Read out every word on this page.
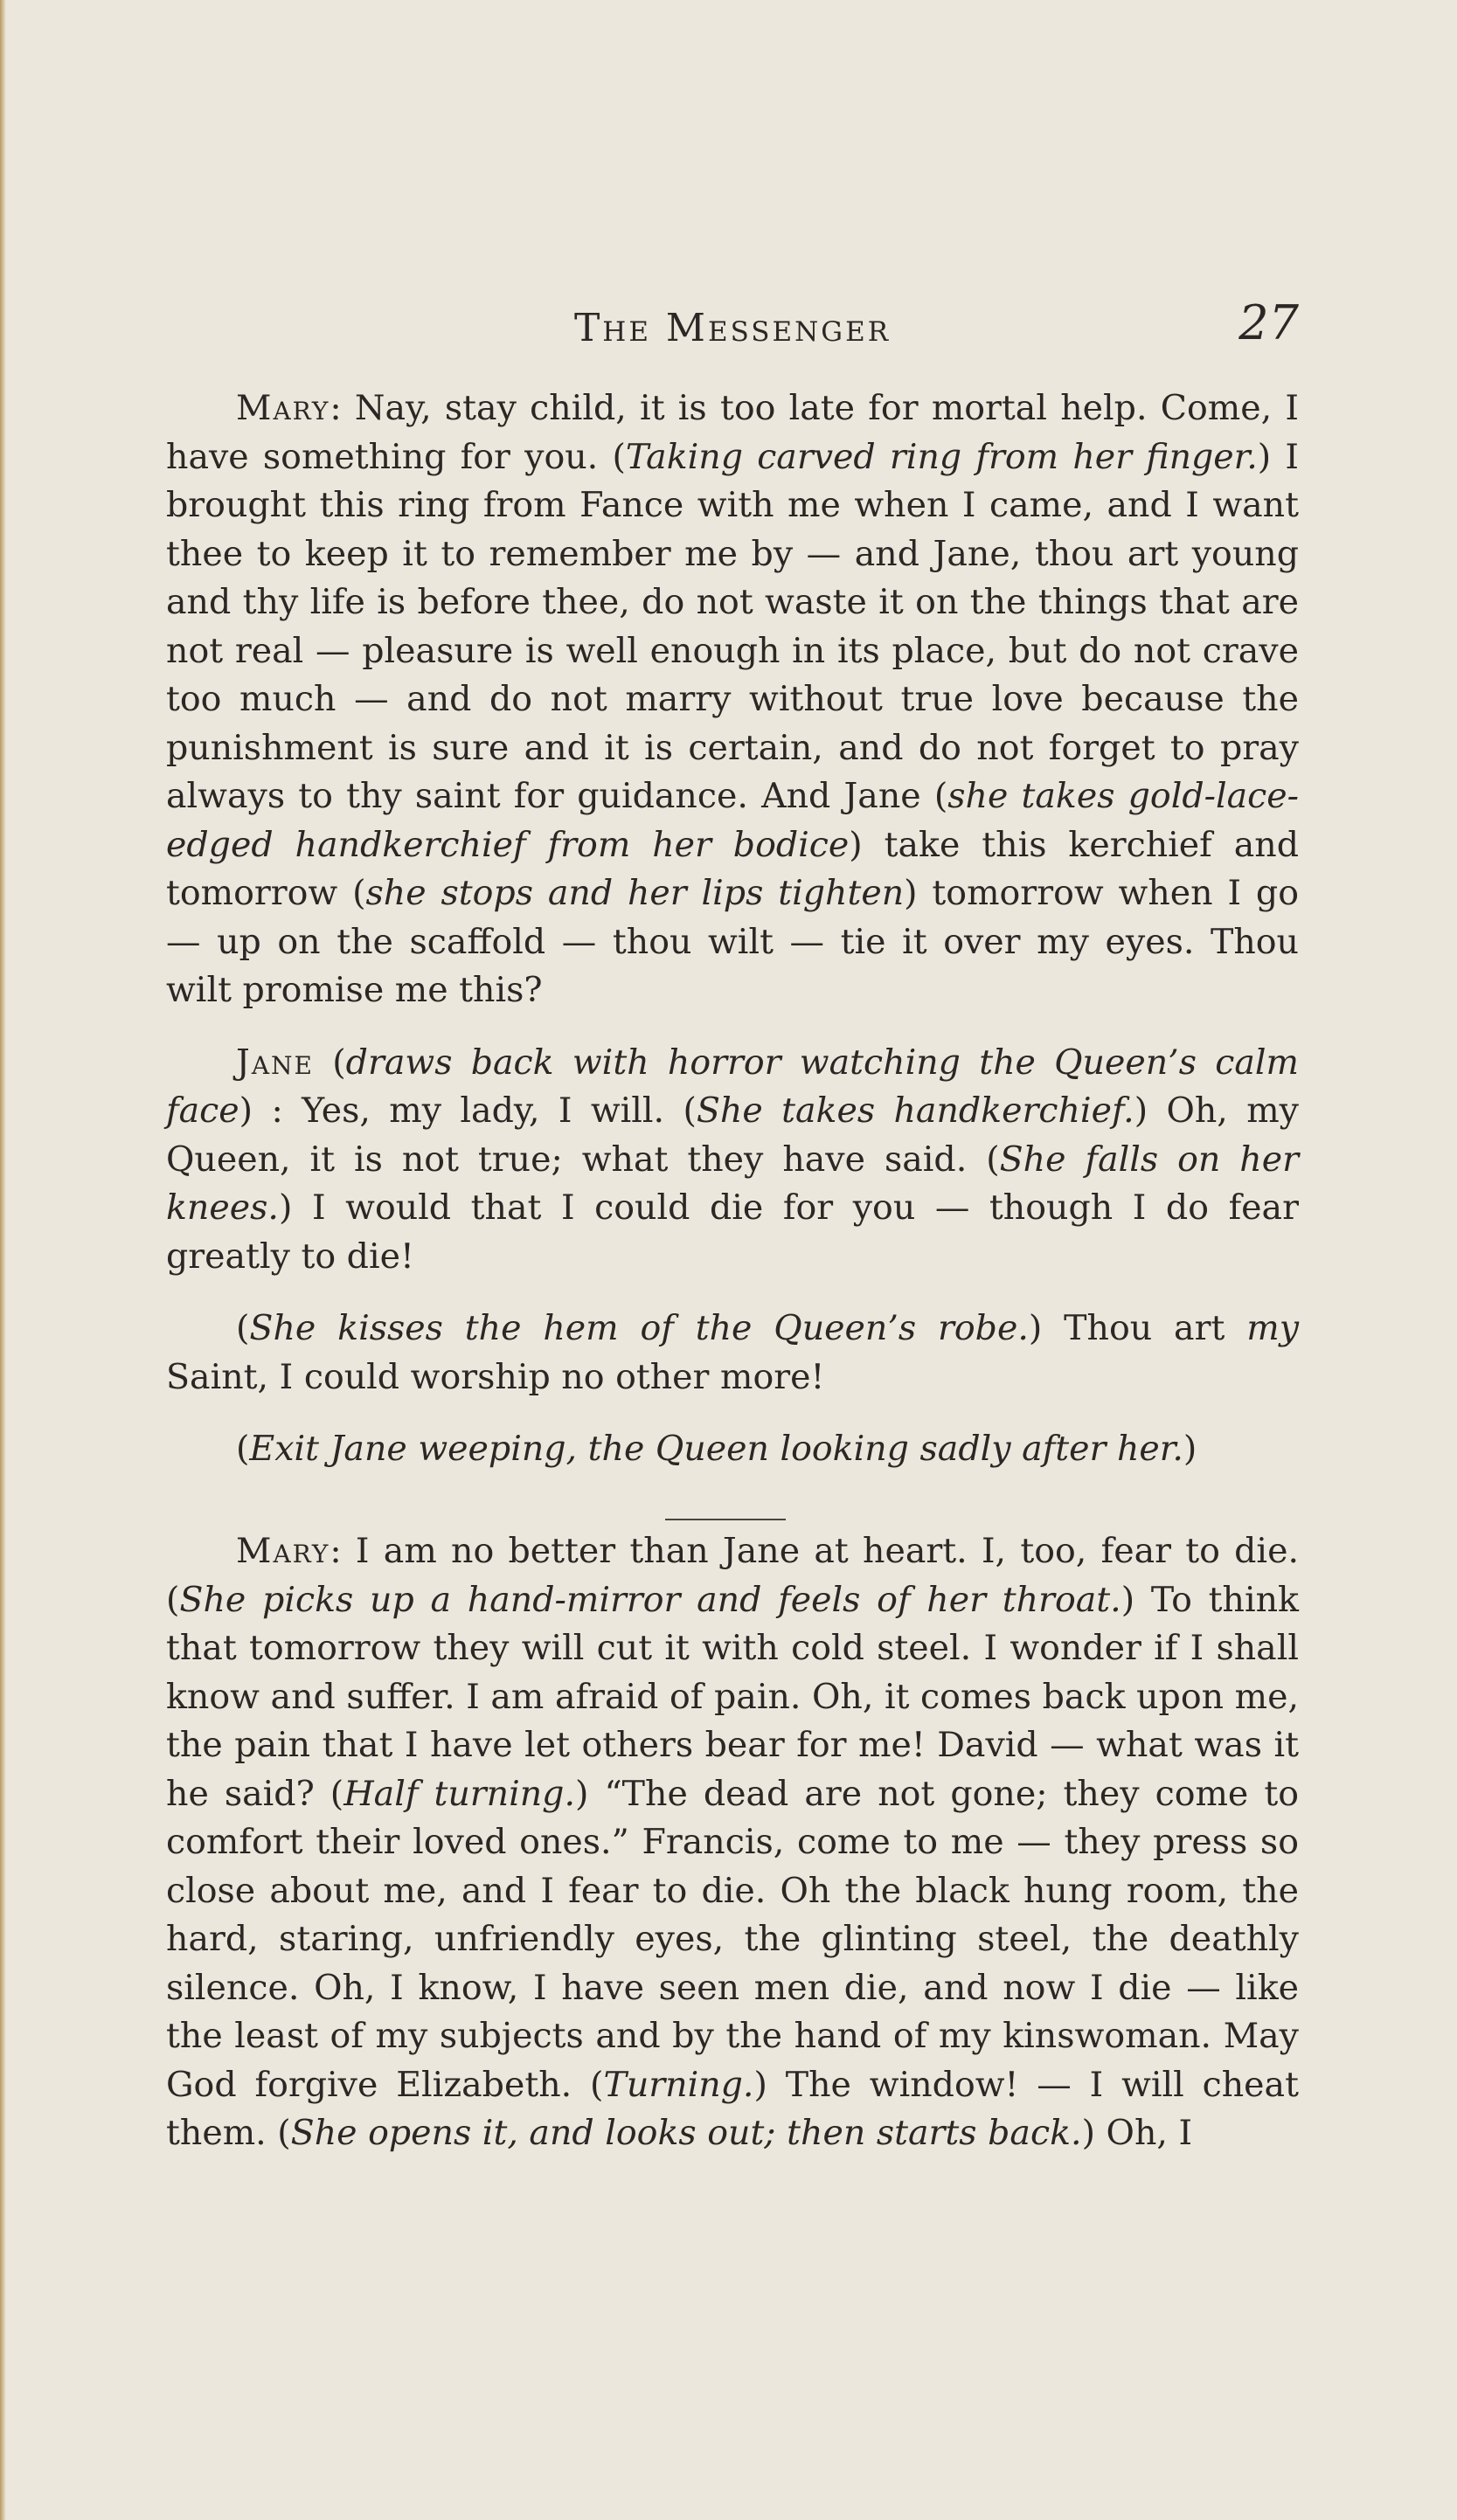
The Messenger	27

Mary: Nay, stay child, it is too late for mortal help. Come, I have something for you. (Taking carved ring from her finger.) I brought this ring from Fance with me when I came, and I want thee to keep it to remember me by — and Jane, thou art young and thy life is before thee, do not waste it on the things that are not real — pleasure is well enough in its place, but do not crave too much — and do not marry without true love because the punishment is sure and it is certain, and do not forget to pray always to thy saint for guidance. And Jane (she takes gold-lace-edged handkerchief from her bodice) take this kerchief and tomorrow (she stops and her lips tighten) tomorrow when I go — up on the scaffold — thou wilt — tie it over my eyes. Thou wilt promise me this?

Jane (draws back with horror watching the Queen’s calm face) : Yes, my lady, I will. (She takes handkerchief.) Oh, my Queen, it is not true; what they have said. (She falls on her knees.) I would that I could die for you — though I do fear greatly to die!

(She kisses the hem of the Queen’s robe.) Thou art my Saint, I could worship no other more!

(Exit Jane weeping, the Queen looking sadly after her.)

Mary: I am no better than Jane at heart. I, too, fear to die. (She picks up a hand-mirror and feels of her throat.) To think that tomorrow they will cut it with cold steel. I wonder if I shall know and suffer. I am afraid of pain. Oh, it comes back upon me, the pain that I have let others bear for me! David — what was it he said? (Half turning.) “The dead are not gone; they come to comfort their loved ones.” Francis, come to me — they press so close about me, and I fear to die. Oh the black hung room, the hard, staring, unfriendly eyes, the glinting steel, the deathly silence. Oh, I know, I have seen men die, and now I die — like the least of my subjects and by the hand of my kinswoman. May God forgive Elizabeth. (Turning.) The window! — I will cheat them. (She opens it, and looks out; then starts back.) Oh, I
